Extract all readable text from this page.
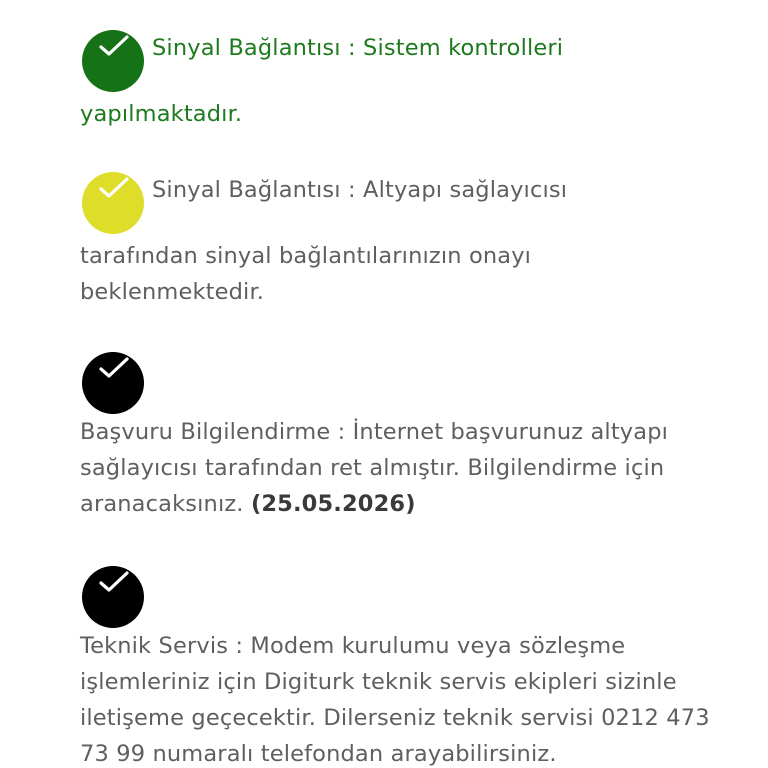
Sinyal Bağlantısı : Sistem kontrolleri
yapılmaktadır.
Sinyal Bağlantısı : Altyapı sağlayıcısı
tarafından sinyal bağlantılarınızın onayı beklenmektedir.
Başvuru Bilgilendirme : İnternet başvurunuz altyapı sağlayıcısı tarafından ret almıştır. Bilgilendirme için aranacaksınız. (25.05.2026)
Teknik Servis : Modem kurulumu veya sözleşme işlemleriniz için Digiturk teknik servis ekipleri sizinle iletişeme geçecektir. Dilerseniz teknik servisi 0212 473 73 99 numaralı telefondan arayabilirsiniz.
